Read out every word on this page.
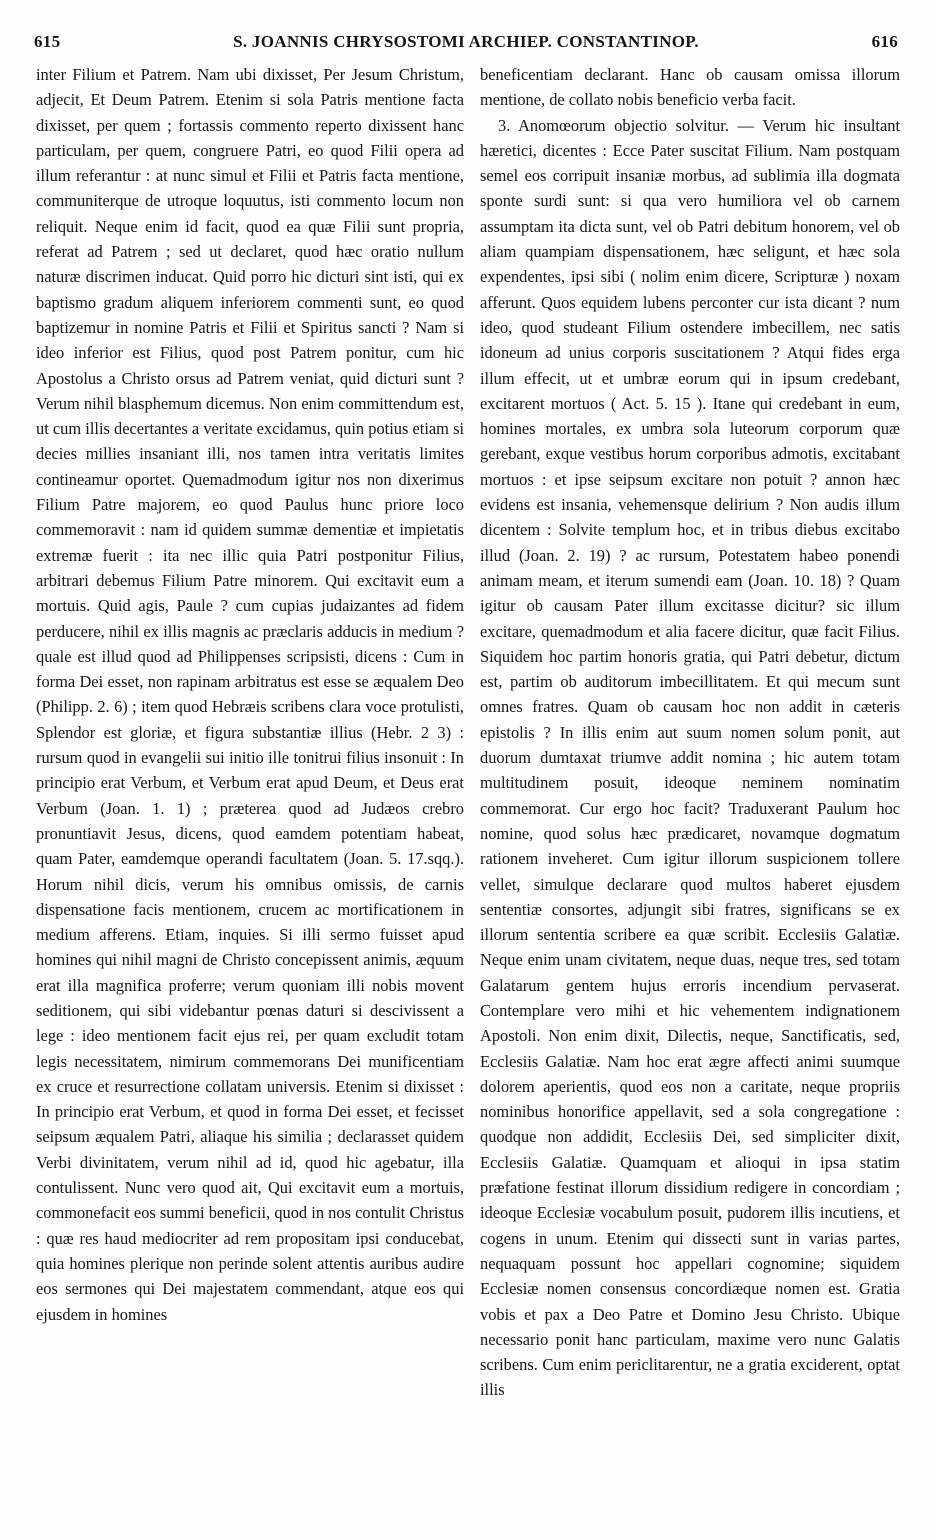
615	S. JOANNIS CHRYSOSTOMI ARCHIEP. CONSTANTINOP.	616

inter Filium et Patrem. Nam ubi dixisset, Per Jesum Christum, adjecit, Et Deum Patrem. Etenim si sola Patris mentione facta dixisset, per quem ; fortassis commento reperto dixissent hanc particulam, per quem, congruere Patri, eo quod Filii opera ad illum referantur : at nunc simul et Filii et Patris facta mentione, communiterque de utroque loquutus, isti commento locum non reliquit. Neque enim id facit, quod ea quæ Filii sunt propria, referat ad Patrem ; sed ut declaret, quod hæc oratio nullum naturæ discrimen inducat. Quid porro hic dicturi sint isti, qui ex baptismo gradum aliquem inferiorem commenti sunt, eo quod baptizemur in nomine Patris et Filii et Spiritus sancti ? Nam si ideo inferior est Filius, quod post Patrem ponitur, cum hic Apostolus a Christo orsus ad Patrem veniat, quid dicturi sunt ? Verum nihil blasphemum dicemus. Non enim committendum est, ut cum illis decertantes a veritate excidamus, quin potius etiam si decies millies insaniant illi, nos tamen intra veritatis limites contineamur oportet. Quemadmodum igitur nos non dixerimus Filium Patre majorem, eo quod Paulus hunc priore loco commemoravit : nam id quidem summæ dementiæ et impietatis extremæ fuerit : ita nec illic quia Patri postponitur Filius, arbitrari debemus Filium Patre minorem. Qui excitavit eum a mortuis. Quid agis, Paule ? cum cupias judaizantes ad fidem perducere, nihil ex illis magnis ac præclaris adducis in medium ? quale est illud quod ad Philippenses scripsisti, dicens : Cum in forma Dei esset, non rapinam arbitratus est esse se æqualem Deo (Philipp. 2. 6) ; item quod Hebræis scribens clara voce protulisti, Splendor est gloriæ, et figura substantiæ illius (Hebr. 2 3) : rursum quod in evangelii sui initio ille tonitrui filius insonuit : In principio erat Verbum, et Verbum erat apud Deum, et Deus erat Verbum (Joan. 1. 1) ; præterea quod ad Judæos crebro pronuntiavit Jesus, dicens, quod eamdem potentiam habeat, quam Pater, eamdemque operandi facultatem (Joan. 5. 17.sqq.). Horum nihil dicis, verum his omnibus omissis, de carnis dispensatione facis mentionem, crucem ac mortificationem in medium afferens. Etiam, inquies. Si illi sermo fuisset apud homines qui nihil magni de Christo concepissent animis, æquum erat illa magnifica proferre; verum quoniam illi nobis movent seditionem, qui sibi videbantur pœnas daturi si descivissent a lege : ideo mentionem facit ejus rei, per quam excludit totam legis necessitatem, nimirum commemorans Dei munificentiam ex cruce et resurrectione collatam universis. Etenim si dixisset : In principio erat Verbum, et quod in forma Dei esset, et fecisset seipsum æqualem Patri, aliaque his similia ; declarasset quidem Verbi divinitatem, verum nihil ad id, quod hic agebatur, illa contulissent. Nunc vero quod ait, Qui excitavit eum a mortuis, commonefacit eos summi beneficii, quod in nos contulit Christus : quæ res haud mediocriter ad rem propositam ipsi conducebat, quia homines plerique non perinde solent attentis auribus audire eos sermones qui Dei majestatem commendant, atque eos qui ejusdem in homines

beneficentiam declarant. Hanc ob causam omissa illorum mentione, de collato nobis beneficio verba facit.

3. Anomœorum objectio solvitur. — Verum hic insultant hæretici, dicentes : Ecce Pater suscitat Filium. Nam postquam semel eos corripuit insaniæ morbus, ad sublimia illa dogmata sponte surdi sunt: si qua vero humiliora vel ob carnem assumptam ita dicta sunt, vel ob Patri debitum honorem, vel ob aliam quampiam dispensationem, hæc seligunt, et hæc sola expendentes, ipsi sibi ( nolim enim dicere, Scripturæ ) noxam afferunt. Quos equidem lubens perconter cur ista dicant ? num ideo, quod studeant Filium ostendere imbecillem, nec satis idoneum ad unius corporis suscitationem ? Atqui fides erga illum effecit, ut et umbræ eorum qui in ipsum credebant, excitarent mortuos ( Act. 5. 15 ). Itane qui credebant in eum, homines mortales, ex umbra sola luteorum corporum quæ gerebant, exque vestibus horum corporibus admotis, excitabant mortuos : et ipse seipsum excitare non potuit ? annon hæc evidens est insania, vehemensque delirium ? Non audis illum dicentem : Solvite templum hoc, et in tribus diebus excitabo illud (Joan. 2. 19) ? ac rursum, Potestatem habeo ponendi animam meam, et iterum sumendi eam (Joan. 10. 18) ? Quam igitur ob causam Pater illum excitasse dicitur? sic illum excitare, quemadmodum et alia facere dicitur, quæ facit Filius. Siquidem hoc partim honoris gratia, qui Patri debetur, dictum est, partim ob auditorum imbecillitatem. Et qui mecum sunt omnes fratres. Quam ob causam hoc non addit in cæteris epistolis ? In illis enim aut suum nomen solum ponit, aut duorum dumtaxat triumve addit nomina ; hic autem totam multitudinem posuit, ideoque neminem nominatim commemorat. Cur ergo hoc facit? Traduxerant Paulum hoc nomine, quod solus hæc prædicaret, novamque dogmatum rationem inveheret. Cum igitur illorum suspicionem tollere vellet, simulque declarare quod multos haberet ejusdem sententiæ consortes, adjungit sibi fratres, significans se ex illorum sententia scribere ea quæ scribit. Ecclesiis Galatiæ. Neque enim unam civitatem, neque duas, neque tres, sed totam Galatarum gentem hujus erroris incendium pervaserat. Contemplare vero mihi et hic vehementem indignationem Apostoli. Non enim dixit, Dilectis, neque, Sanctificatis, sed, Ecclesiis Galatiæ. Nam hoc erat ægre affecti animi suumque dolorem aperientis, quod eos non a caritate, neque propriis nominibus honorifice appellavit, sed a sola congregatione : quodque non addidit, Ecclesiis Dei, sed simpliciter dixit, Ecclesiis Galatiæ. Quamquam et alioqui in ipsa statim præfatione festinat illorum dissidium redigere in concordiam ; ideoque Ecclesiæ vocabulum posuit, pudorem illis incutiens, et cogens in unum. Etenim qui dissecti sunt in varias partes, nequaquam possunt hoc appellari cognomine; siquidem Ecclesiæ nomen consensus concordiæque nomen est. Gratia vobis et pax a Deo Patre et Domino Jesu Christo. Ubique necessario ponit hanc particulam, maxime vero nunc Galatis scribens. Cum enim periclitarentur, ne a gratia exciderent, optat illis
